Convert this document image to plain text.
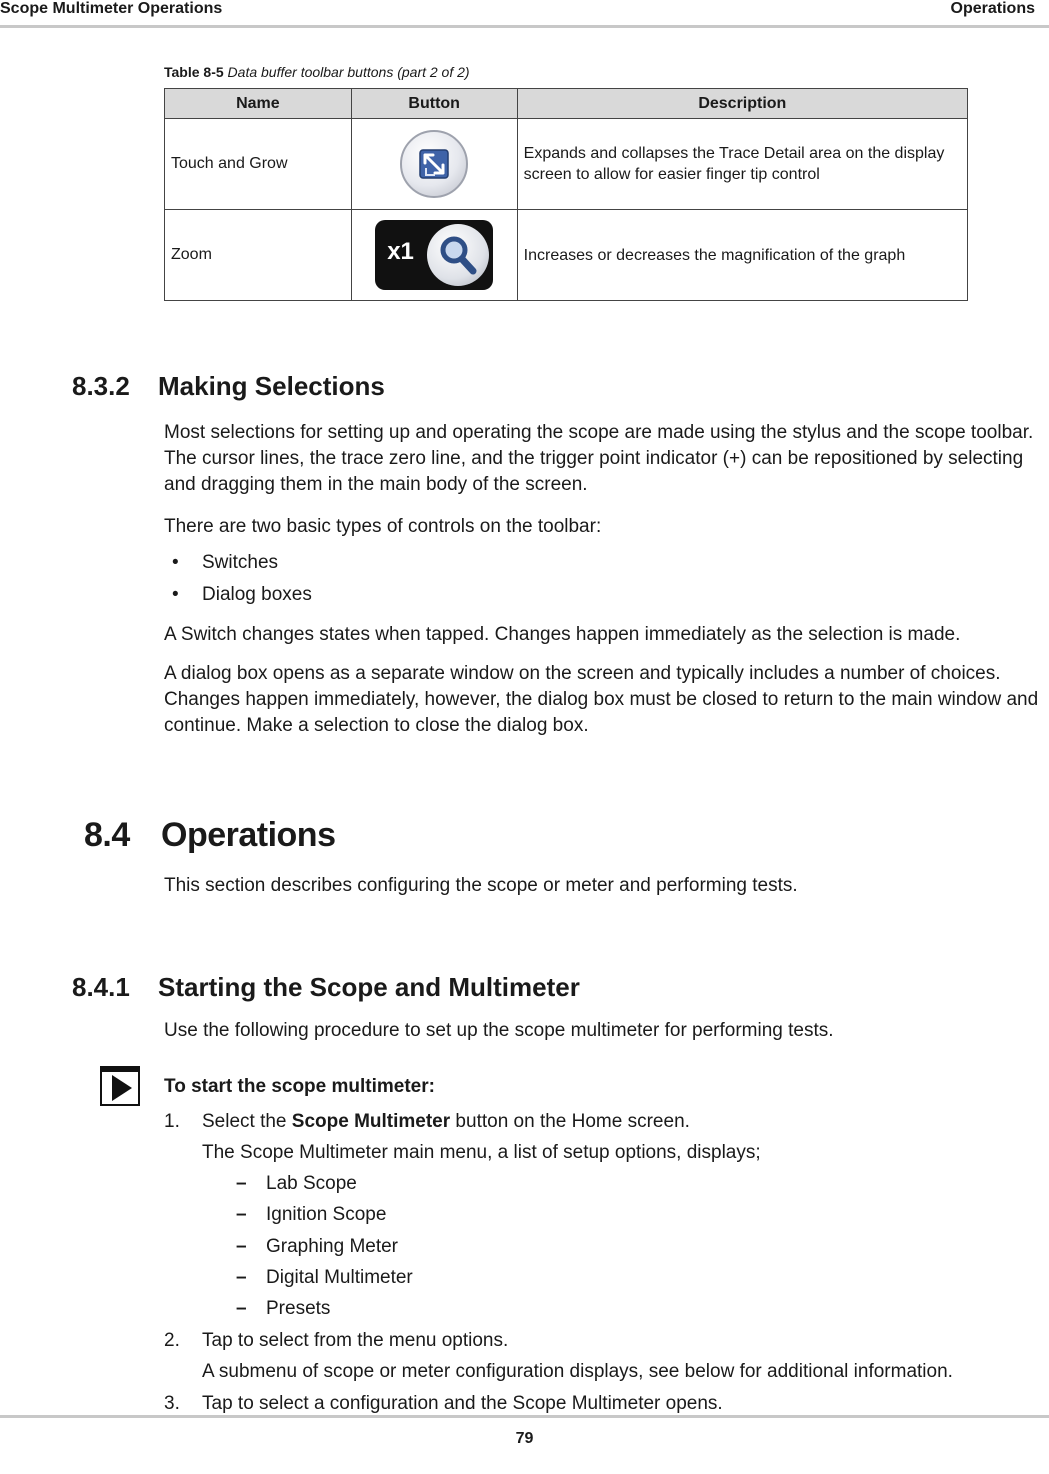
Scope Multimeter Operations	Operations
Table 8-5 Data buffer toolbar buttons (part 2 of 2)
Name	Button	Description
Touch and Grow		Expands and collapses the Trace Detail area on the display screen to allow for easier finger tip control
Zoom	x1	Increases or decreases the magnification of the graph
8.3.2 Making Selections
Most selections for setting up and operating the scope are made using the stylus and the scope toolbar. The cursor lines, the trace zero line, and the trigger point indicator (+) can be repositioned by selecting and dragging them in the main body of the screen.
There are two basic types of controls on the toolbar:
• Switches
• Dialog boxes
A Switch changes states when tapped. Changes happen immediately as the selection is made.
A dialog box opens as a separate window on the screen and typically includes a number of choices. Changes happen immediately, however, the dialog box must be closed to return to the main window and continue. Make a selection to close the dialog box.
8.4 Operations
This section describes configuring the scope or meter and performing tests.
8.4.1 Starting the Scope and Multimeter
Use the following procedure to set up the scope multimeter for performing tests.
To start the scope multimeter:
1. Select the Scope Multimeter button on the Home screen.
The Scope Multimeter main menu, a list of setup options, displays;
– Lab Scope
– Ignition Scope
– Graphing Meter
– Digital Multimeter
– Presets
2. Tap to select from the menu options.
A submenu of scope or meter configuration displays, see below for additional information.
3. Tap to select a configuration and the Scope Multimeter opens.
79
